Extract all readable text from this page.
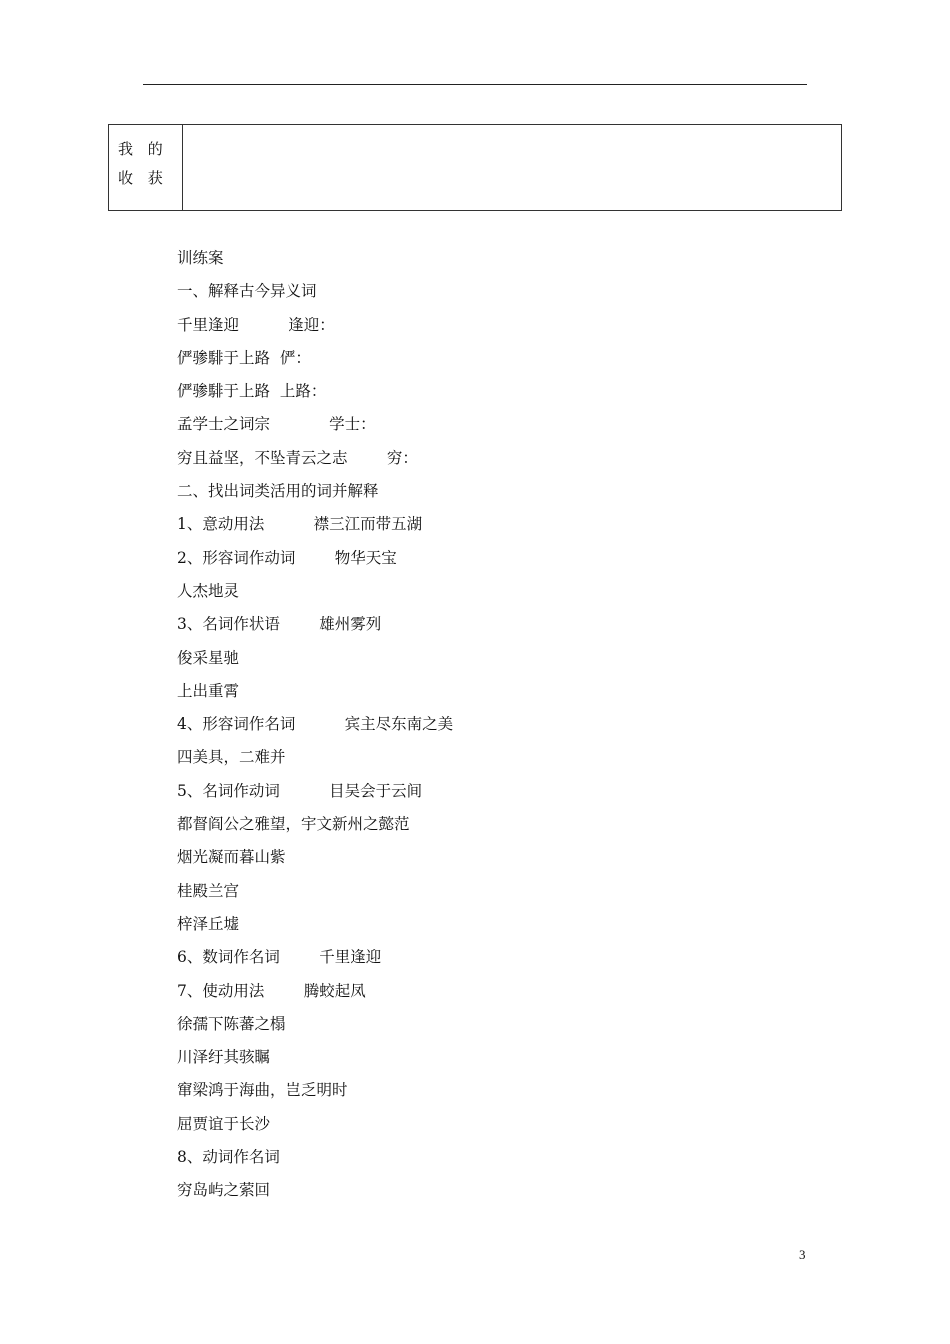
我 的
收 获
训练案
一、解释古今异义词
千里逢迎          逢迎：
俨骖騑于上路  俨：
俨骖騑于上路  上路：
孟学士之词宗            学士：
穷且益坚，不坠青云之志        穷：
二、找出词类活用的词并解释
1、意动用法          襟三江而带五湖
2、形容词作动词        物华天宝
人杰地灵
3、名词作状语        雄州雾列
俊采星驰
上出重霄
4、形容词作名词          宾主尽东南之美
四美具，二难并
5、名词作动词          目吴会于云间
都督阎公之雅望，宇文新州之懿范
烟光凝而暮山紫
桂殿兰宫
梓泽丘墟
6、数词作名词        千里逢迎
7、使动用法        腾蛟起凤
徐孺下陈蕃之榻
川泽纡其骇瞩
窜梁鸿于海曲，岂乏明时
屈贾谊于长沙
8、动词作名词
穷岛屿之萦回
3
